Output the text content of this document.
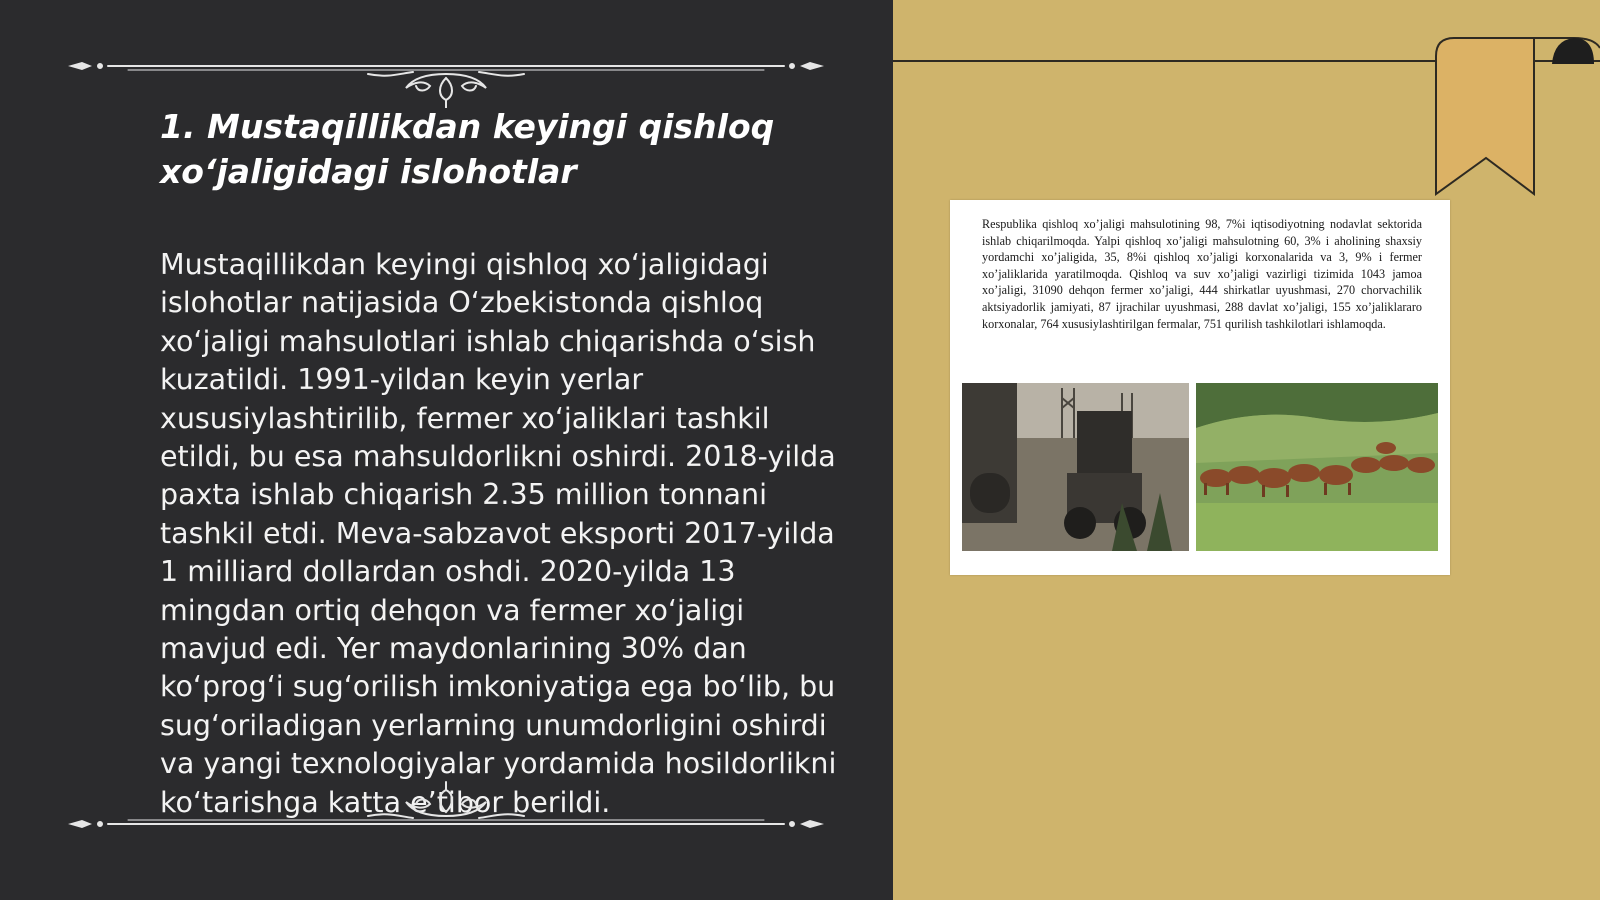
1. Mustaqillikdan keyingi qishloq xo‘jaligidagi islohotlar

Mustaqillikdan keyingi qishloq xo‘jaligidagi islohotlar natijasida O‘zbekistonda qishloq xo‘jaligi mahsulotlari ishlab chiqarishda o‘sish kuzatildi. 1991-yildan keyin yerlar xususiylashtirilib, fermer xo‘jaliklari tashkil etildi, bu esa mahsuldorlikni oshirdi. 2018-yilda paxta ishlab chiqarish 2.35 million tonnani tashkil etdi. Meva-sabzavot eksporti 2017-yilda 1 milliard dollardan oshdi. 2020-yilda 13 mingdan ortiq dehqon va fermer xo‘jaligi mavjud edi. Yer maydonlarining 30% dan ko‘prog‘i sug‘orilish imkoniyatiga ega bo‘lib, bu sug‘oriladigan yerlarning unumdorligini oshirdi va yangi texnologiyalar yordamida hosildorlikni ko‘tarishga katta e’tibor berildi.

Respublika qishloq xo’jaligi mahsulotining 98, 7%i iqtisodiyotning nodavlat sektorida ishlab chiqarilmoqda. Yalpi qishloq xo’jaligi mahsulotning 60, 3% i aholining shaxsiy yordamchi xo’jaligida, 35, 8%i qishloq xo’jaligi korxonalarida va 3, 9% i fermer xo’jaliklarida yaratilmoqda. Qishloq va suv xo’jaligi vazirligi tizimida 1043 jamoa xo’jaligi, 31090 dehqon fermer xo’jaligi, 444 shirkatlar uyushmasi, 270 chorvachilik aktsiyadorlik jamiyati, 87 ijrachilar uyushmasi, 288 davlat xo’jaligi, 155 xo’jaliklararo korxonalar, 764 xususiylashtirilgan fermalar, 751 qurilish tashkilotlari ishlamoqda.
